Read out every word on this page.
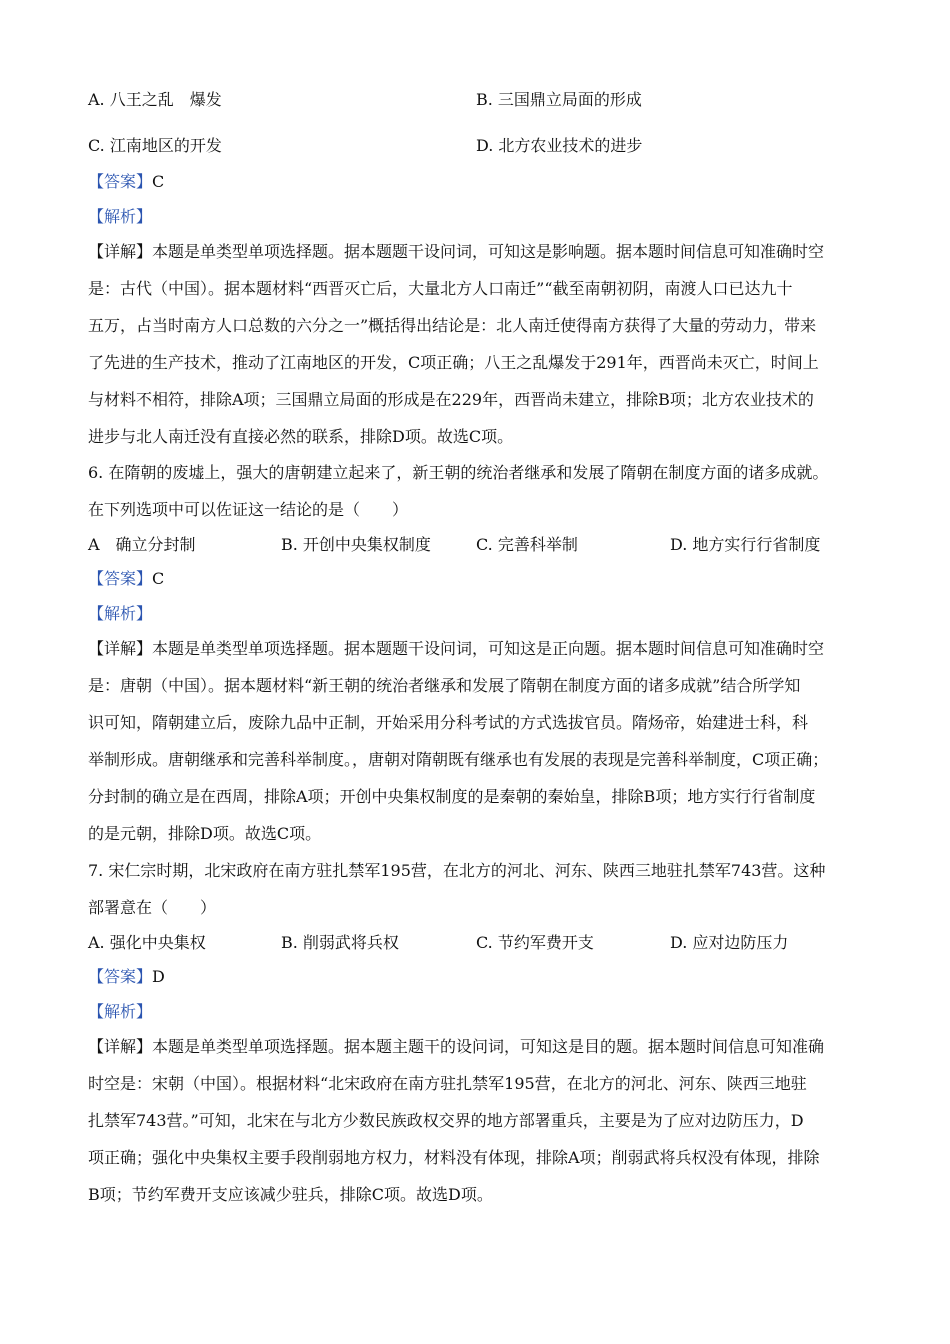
A. 八王之乱　爆发	B. 三国鼎立局面的形成
C. 江南地区的开发	D. 北方农业技术的进步
【答案】C
【解析】
【详解】本题是单类型单项选择题。据本题题干设问词，可知这是影响题。据本题时间信息可知准确时空
是：古代（中国）。据本题材料“西晋灭亡后，大量北方人口南迁”“截至南朝初阴，南渡人口已达九十
五万，占当时南方人口总数的六分之一”概括得出结论是：北人南迁使得南方获得了大量的劳动力，带来
了先进的生产技术，推动了江南地区的开发，C项正确；八王之乱爆发于291年，西晋尚未灭亡，时间上
与材料不相符，排除A项；三国鼎立局面的形成是在229年，西晋尚未建立，排除B项；北方农业技术的
进步与北人南迁没有直接必然的联系，排除D项。故选C项。
6. 在隋朝的废墟上，强大的唐朝建立起来了，新王朝的统治者继承和发展了隋朝在制度方面的诸多成就。
在下列选项中可以佐证这一结论的是（　　）
A　确立分封制	B. 开创中央集权制度	C. 完善科举制	D. 地方实行行省制度
【答案】C
【解析】
【详解】本题是单类型单项选择题。据本题题干设问词，可知这是正向题。据本题时间信息可知准确时空
是：唐朝（中国）。据本题材料“新王朝的统治者继承和发展了隋朝在制度方面的诸多成就”结合所学知
识可知，隋朝建立后，废除九品中正制，开始采用分科考试的方式选拔官员。隋炀帝，始建进士科，科
举制形成。唐朝继承和完善科举制度。，唐朝对隋朝既有继承也有发展的表现是完善科举制度，C项正确；
分封制的确立是在西周，排除A项；开创中央集权制度的是秦朝的秦始皇，排除B项；地方实行行省制度
的是元朝，排除D项。故选C项。
7. 宋仁宗时期，北宋政府在南方驻扎禁军195营，在北方的河北、河东、陕西三地驻扎禁军743营。这种
部署意在（　　）
A. 强化中央集权	B. 削弱武将兵权	C. 节约军费开支	D. 应对边防压力
【答案】D
【解析】
【详解】本题是单类型单项选择题。据本题主题干的设问词，可知这是目的题。据本题时间信息可知准确
时空是：宋朝（中国）。根据材料“北宋政府在南方驻扎禁军195营，在北方的河北、河东、陕西三地驻
扎禁军743营。”可知，北宋在与北方少数民族政权交界的地方部署重兵，主要是为了应对边防压力，D
项正确；强化中央集权主要手段削弱地方权力，材料没有体现，排除A项；削弱武将兵权没有体现，排除
B项；节约军费开支应该减少驻兵，排除C项。故选D项。
